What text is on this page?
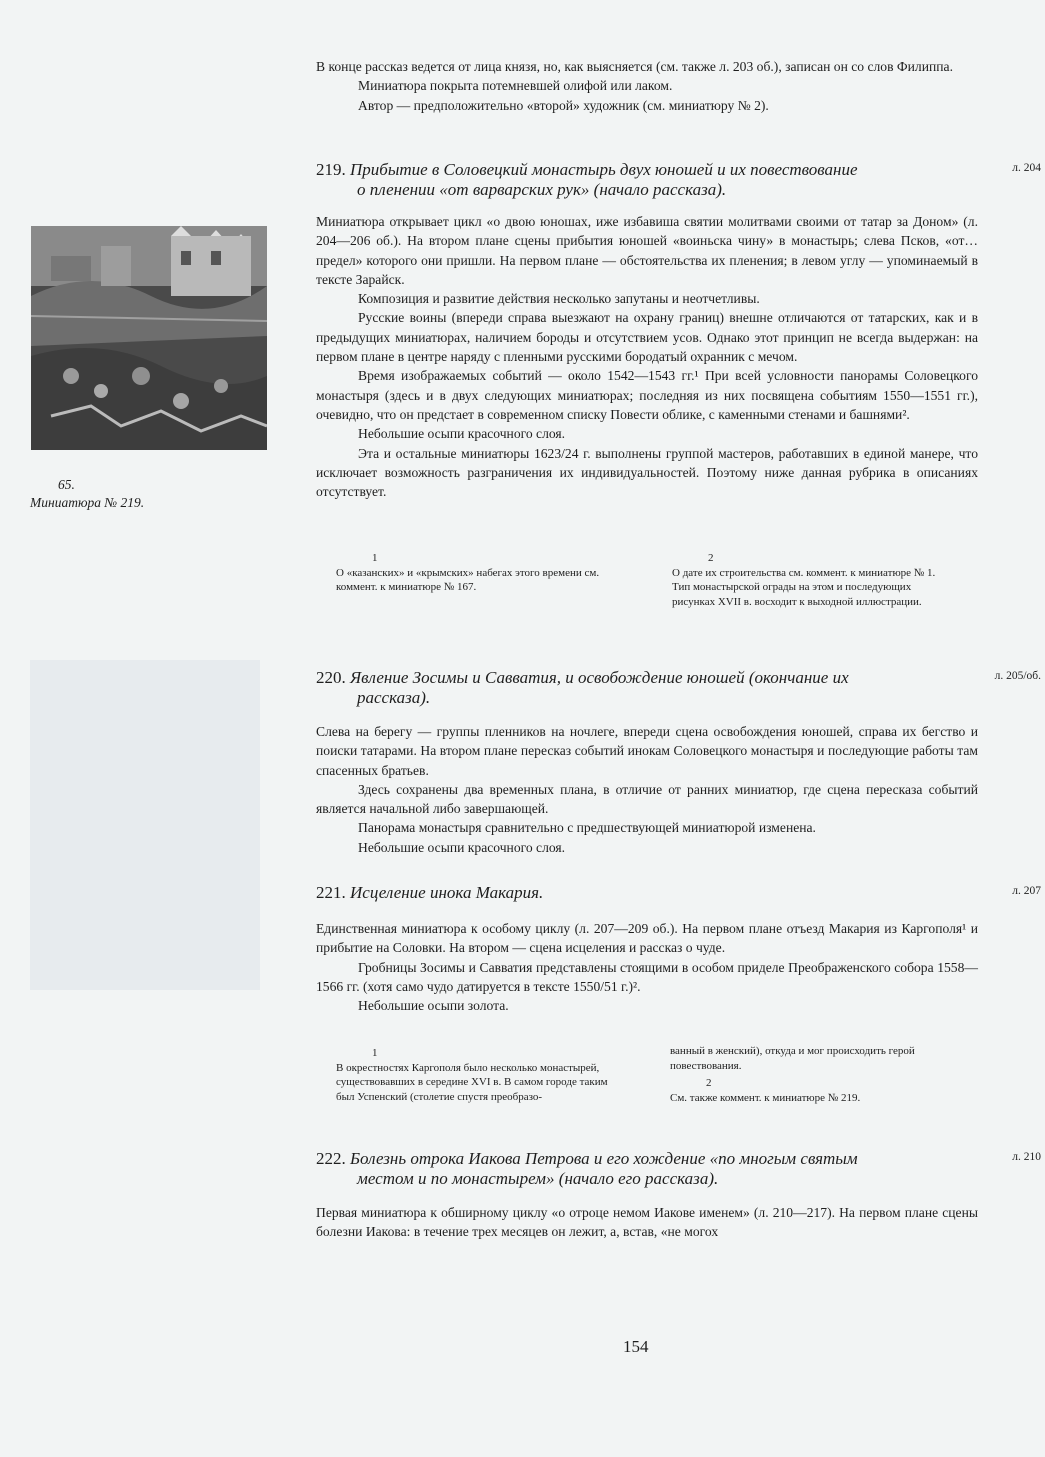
В конце рассказ ведется от лица князя, но, как выясняется (см. также л. 203 об.), записан он со слов Филиппа.

Миниатюра покрыта потемневшей олифой или лаком.

Автор — предположительно «второй» художник (см. миниатюру № 2).

219. Прибытие в Соловецкий монастырь двух юношей и их повествование
о пленении «от варварских рук» (начало рассказа).
л. 204
65.
Миниатюра № 219.

Миниатюра открывает цикл «о двою юношах, иже избавиша святии молитвами своими от татар за Доном» (л. 204—206 об.). На втором плане сцены прибытия юношей «воиньска чину» в монастырь; слева Псков, «от… предел» которого они пришли. На первом плане — обстоятельства их пленения; в левом углу — упоминаемый в тексте Зарайск.

Композиция и развитие действия несколько запутаны и неотчетливы.

Русские воины (впереди справа выезжают на охрану границ) внешне отличаются от татарских, как и в предыдущих миниатюрах, наличием бороды и отсутствием усов. Однако этот принцип не всегда выдержан: на первом плане в центре наряду с пленными русскими бородатый охранник с мечом.

Время изображаемых событий — около 1542—1543 гг.¹ При всей условности панорамы Соловецкого монастыря (здесь и в двух следующих миниатюрах; последняя из них посвящена событиям 1550—1551 гг.), очевидно, что он предстает в современном списку Повести облике, с каменными стенами и башнями².

Небольшие осыпи красочного слоя.

Эта и остальные миниатюры 1623/24 г. выполнены группой мастеров, работавших в единой манере, что исключает возможность разграничения их индивидуальностей. Поэтому ниже данная рубрика в описаниях отсутствует.

1
О «казанских» и «крымских» набегах этого времени см. коммент. к миниатюре № 167.
2
О дате их строительства см. коммент. к миниатюре № 1. Тип монастырской ограды на этом и последующих рисунках XVII в. восходит к выходной иллюстрации.
220. Явление Зосимы и Савватия, и освобождение юношей (окончание их
рассказа).
л. 205/об.

Слева на берегу — группы пленников на ночлеге, впереди сцена освобождения юношей, справа их бегство и поиски татарами. На втором плане пересказ событий инокам Соловецкого монастыря и последующие работы там спасенных братьев.

Здесь сохранены два временных плана, в отличие от ранних миниатюр, где сцена пересказа событий является начальной либо завершающей.

Панорама монастыря сравнительно с предшествующей миниатюрой изменена.

Небольшие осыпи красочного слоя.

221. Исцеление инока Макария.	л. 207

Единственная миниатюра к особому циклу (л. 207—209 об.). На первом плане отъезд Макария из Каргополя¹ и прибытие на Соловки. На втором — сцена исцеления и рассказ о чуде.

Гробницы Зосимы и Савватия представлены стоящими в особом приделе Преображенского собора 1558—1566 гг. (хотя само чудо датируется в тексте 1550/51 г.)².

Небольшие осыпи золота.

1
В окрестностях Каргополя было несколько монастырей, существовавших в середине XVI в. В самом городе таким был Успенский (столетие спустя преобразо-
ванный в женский), откуда и мог происходить герой повествования.
2
См. также коммент. к миниатюре № 219.
222. Болезнь отрока Иакова Петрова и его хождение «по многым святым
местом и по монастырем» (начало его рассказа).
л. 210

Первая миниатюра к обширному циклу «о отроце немом Иакове именем» (л. 210—217). На первом плане сцены болезни Иакова: в течение трех месяцев он лежит, а, встав, «не могох

154
